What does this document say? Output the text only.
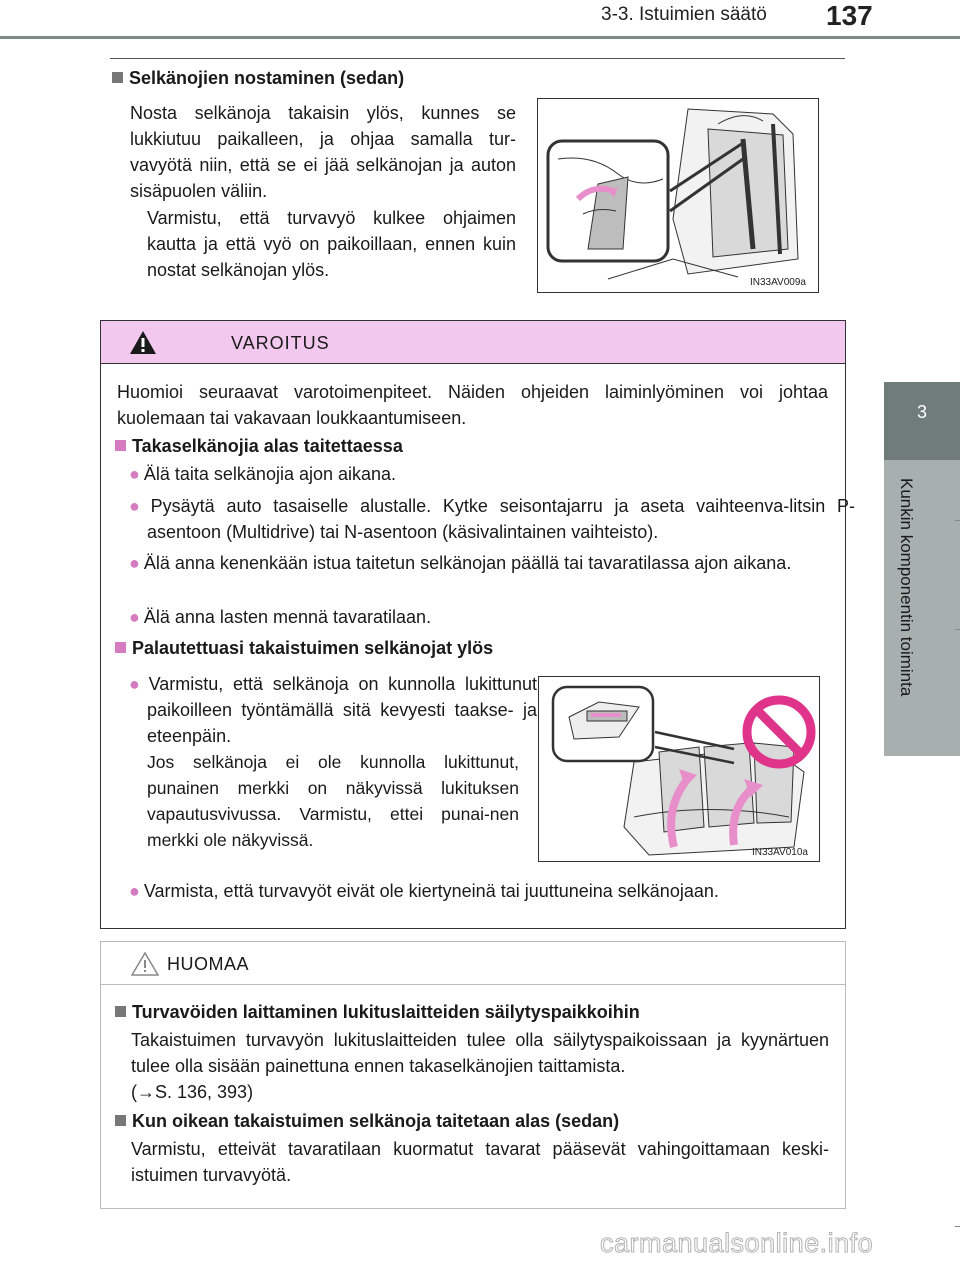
3-3. Istuimien säätö 137
3
Kunkin komponentin toiminta
Selkänojien nostaminen (sedan)
Nosta selkänoja takaisin ylös, kunnes se lukkiutuu paikalleen, ja ohjaa samalla tur-vavyötä niin, että se ei jää selkänojan ja auton sisäpuolen väliin.
Varmistu, että turvavyö kulkee ohjaimen kautta ja että vyö on paikoillaan, ennen kuin nostat selkänojan ylös.
IN33AV009a
VAROITUS
Huomioi seuraavat varotoimenpiteet. Näiden ohjeiden laiminlyöminen voi johtaa kuolemaan tai vakavaan loukkaantumiseen.
Takaselkänojia alas taitettaessa
● Älä taita selkänojia ajon aikana.
● Pysäytä auto tasaiselle alustalle. Kytke seisontajarru ja aseta vaihteenva-litsin P-asentoon (Multidrive) tai N-asentoon (käsivalintainen vaihteisto).
● Älä anna kenenkään istua taitetun selkänojan päällä tai tavaratilassa ajon aikana.
● Älä anna lasten mennä tavaratilaan.
Palautettuasi takaistuimen selkänojat ylös
● Varmistu, että selkänoja on kunnolla lukittunut paikoilleen työntämällä sitä kevyesti taakse- ja eteenpäin.
Jos selkänoja ei ole kunnolla lukittunut, punainen merkki on näkyvissä lukituksen vapautusvivussa. Varmistu, ettei punai-nen merkki ole näkyvissä.
IN33AV010a
● Varmista, että turvavyöt eivät ole kiertyneinä tai juuttuneina selkänojaan.
HUOMAA
Turvavöiden laittaminen lukituslaitteiden säilytyspaikkoihin
Takaistuimen turvavyön lukituslaitteiden tulee olla säilytyspaikoissaan ja kyynärtuen tulee olla sisään painettuna ennen takaselkänojien taittamista.
(→S. 136, 393)
Kun oikean takaistuimen selkänoja taitetaan alas (sedan)
Varmistu, etteivät tavaratilaan kuormatut tavarat pääsevät vahingoittamaan keski-istuimen turvavyötä.
carmanualsonline.info
